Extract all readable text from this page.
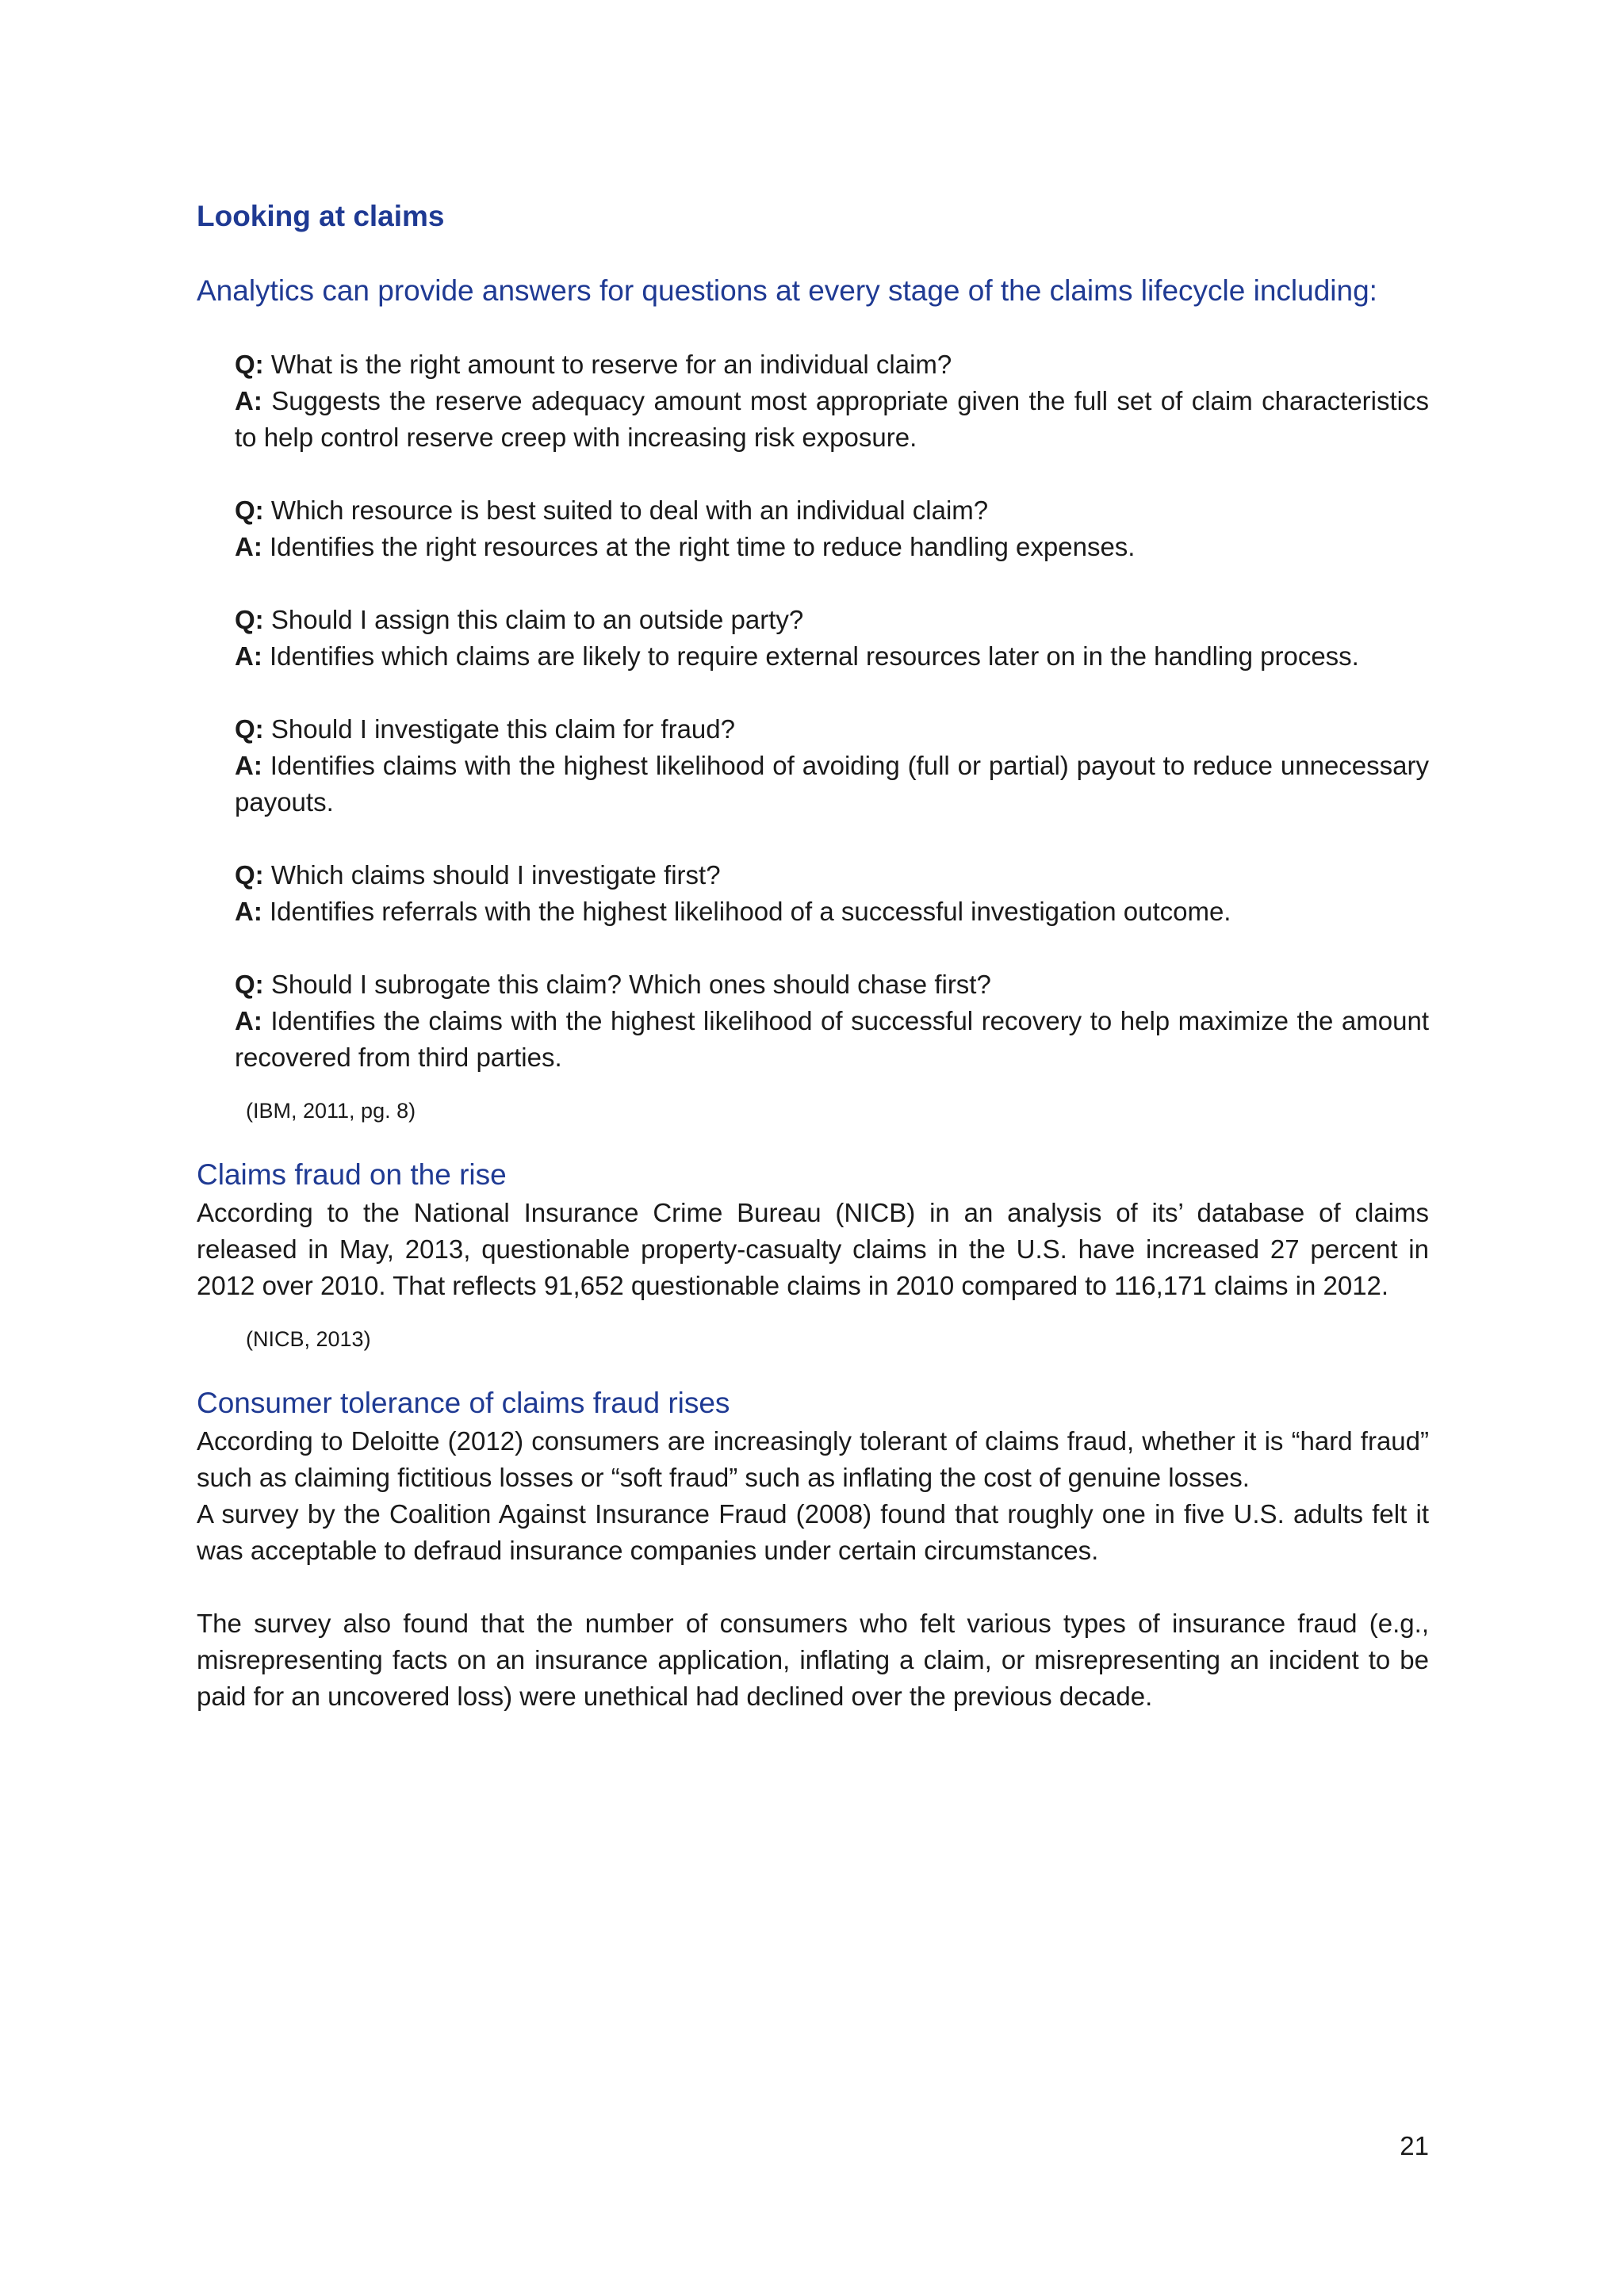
Looking at claims
Analytics can provide answers for questions at every stage of the claims lifecycle including:

Q: What is the right amount to reserve for an individual claim?

A: Suggests the reserve adequacy amount most appropriate given the full set of claim characteristics to help control reserve creep with increasing risk exposure.

Q: Which resource is best suited to deal with an individual claim?

A: Identifies the right resources at the right time to reduce handling expenses.

Q: Should I assign this claim to an outside party?

A: Identifies which claims are likely to require external resources later on in the handling process.

Q: Should I investigate this claim for fraud?

A: Identifies claims with the highest likelihood of avoiding (full or partial) payout to reduce unnecessary payouts.

Q: Which claims should I investigate first?

A: Identifies referrals with the highest likelihood of a successful investigation outcome.

Q: Should I subrogate this claim? Which ones should chase first?

A: Identifies the claims with the highest likelihood of successful recovery to help maximize the amount recovered from third parties.

(IBM, 2011, pg. 8)
Claims fraud on the rise

According to the National Insurance Crime Bureau (NICB) in an analysis of its’ database of claims released in May, 2013, questionable property-casualty claims in the U.S. have increased 27 percent in 2012 over 2010. That reflects 91,652 questionable claims in 2010 compared to 116,171 claims in 2012.

(NICB, 2013)
Consumer tolerance of claims fraud rises

According to Deloitte (2012) consumers are increasingly tolerant of claims fraud, whether it is “hard fraud” such as claiming fictitious losses or “soft fraud” such as inflating the cost of genuine losses.

A survey by the Coalition Against Insurance Fraud (2008) found that roughly one in five U.S. adults felt it was acceptable to defraud insurance companies under certain circumstances.

The survey also found that the number of consumers who felt various types of insurance fraud (e.g., misrepresenting facts on an insurance application, inflating a claim, or misrepresenting an incident to be paid for an uncovered loss) were unethical had declined over the previous decade.

21
